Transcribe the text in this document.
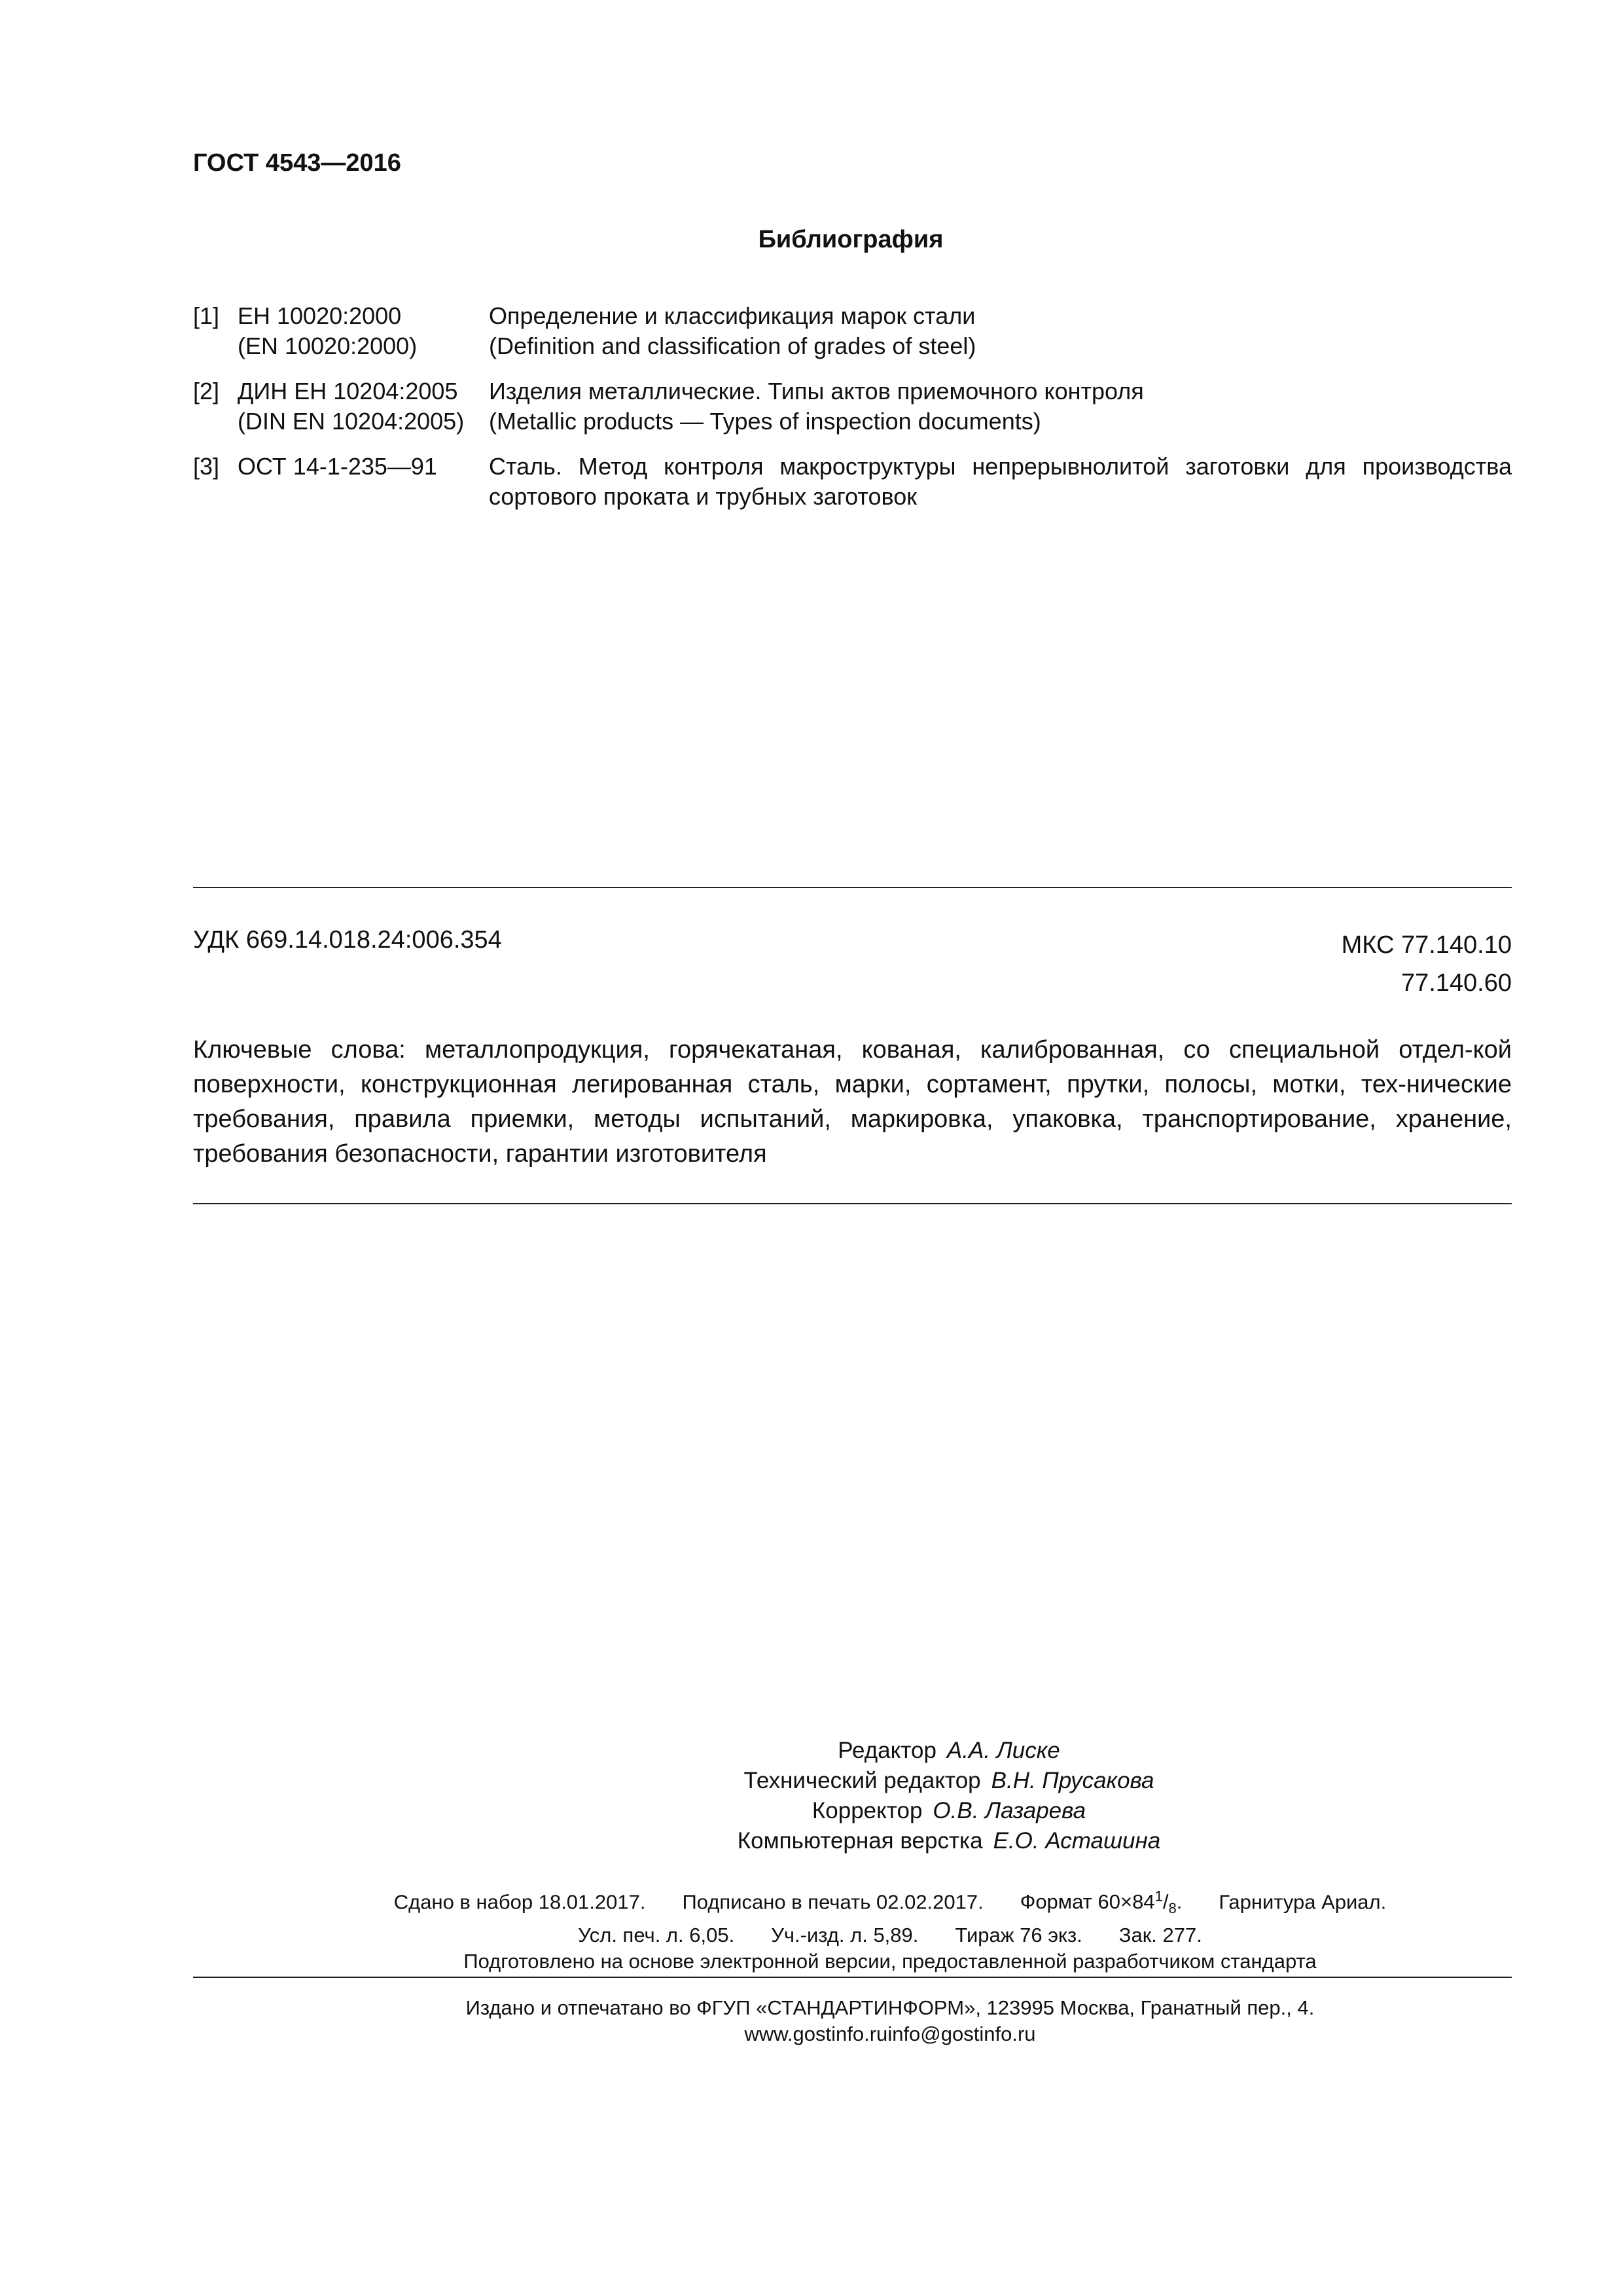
ГОСТ 4543—2016
Библиография
[1] ЕН 10020:2000
(EN 10020:2000)
Определение и классификация марок стали
(Definition and classification of grades of steel)
[2] ДИН ЕН 10204:2005
(DIN EN 10204:2005)
Изделия металлические. Типы актов приемочного контроля
(Metallic products — Types of inspection documents)
[3] ОСТ 14-1-235—91 Сталь. Метод контроля макроструктуры непрерывнолитой заготовки для производства
сортового проката и трубных заготовок
УДК 669.14.018.24:006.354	МКС 77.140.10
77.140.60
Ключевые слова: металлопродукция, горячекатаная, кованая, калиброванная, со специальной отдел-кой поверхности, конструкционная легированная сталь, марки, сортамент, прутки, полосы, мотки, тех-нические требования, правила приемки, методы испытаний, маркировка, упаковка, транспортирование, хранение, требования безопасности, гарантии изготовителя
Редактор А.А. Лиске
Технический редактор В.Н. Прусакова
Корректор О.В. Лазарева
Компьютерная верстка Е.О. Асташина
Сдано в набор 18.01.2017. Подписано в печать 02.02.2017. Формат $60\times 84^1/_8$. Гарнитура Ариал.
Усл. печ. л. 6,05. Уч.-изд. л. 5,89. Тираж 76 экз. Зак. 277.
Подготовлено на основе электронной версии, предоставленной разработчиком стандарта
Издано и отпечатано во ФГУП «СТАНДАРТИНФОРМ», 123995 Москва, Гранатный пер., 4.
www.gostinfo.ruinfo@gostinfo.ru
